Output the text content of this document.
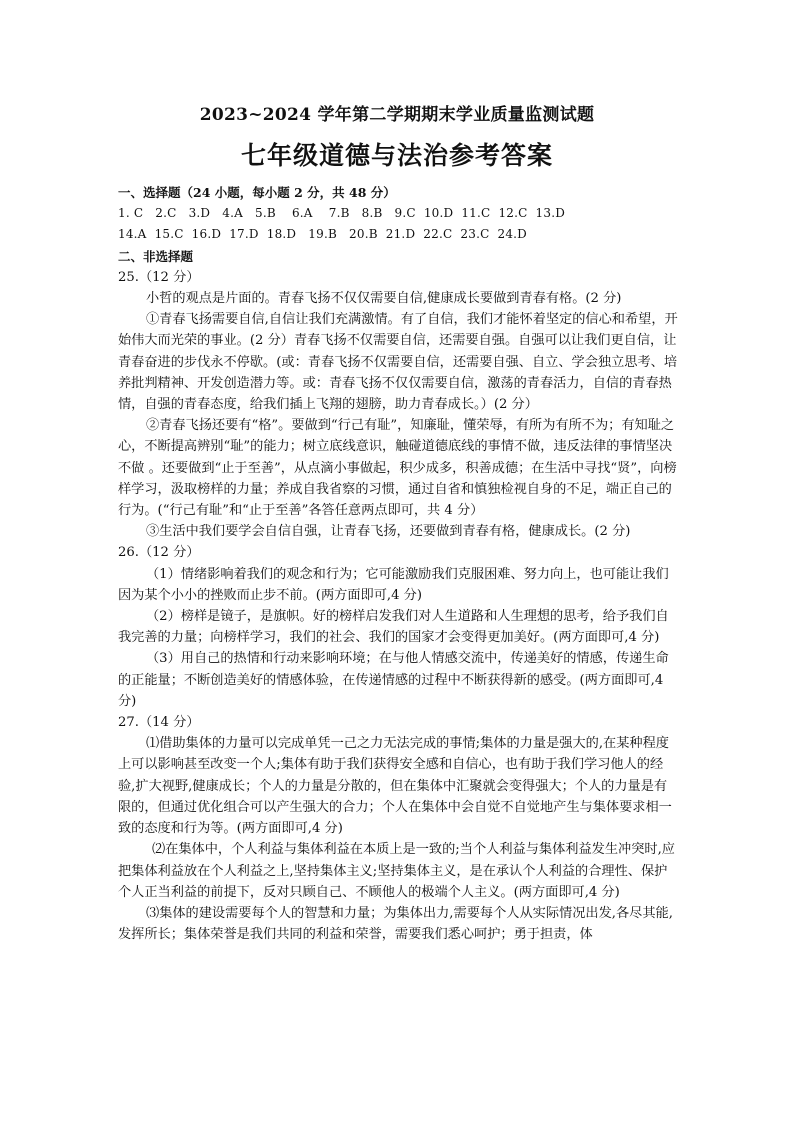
2023~2024 学年第二学期期末学业质量监测试题
七年级道德与法治参考答案

一、选择题（24 小题，每小题 2 分，共 48 分）

1. C   2.C   3.D   4.A   5.B    6.A    7.B   8.B   9.C  10.D  11.C  12.C  13.D

14.A  15.C  16.D  17.D  18.D   19.B   20.B  21.D  22.C  23.C  24.D

二、非选择题

25.（12 分）

小哲的观点是片面的。青春飞扬不仅仅需要自信,健康成长要做到青春有格。(2 分)

①青春飞扬需要自信,自信让我们充满激情。有了自信，我们才能怀着坚定的信心和希望，开始伟大而光荣的事业。(2 分）青春飞扬不仅需要自信，还需要自强。自强可以让我们更自信，让青春奋进的步伐永不停歇。(或：青春飞扬不仅需要自信，还需要自强、自立、学会独立思考、培养批判精神、开发创造潜力等。或：青春飞扬不仅仅需要自信，激荡的青春活力，自信的青春热情，自强的青春态度，给我们插上飞翔的翅膀，助力青春成长。）(2 分）

②青春飞扬还要有“格”。要做到“行己有耻”，知廉耻，懂荣辱，有所为有所不为；有知耻之心，不断提高辨别“耻”的能力；树立底线意识，触碰道德底线的事情不做，违反法律的事情坚决不做 。还要做到“止于至善”，从点滴小事做起，积少成多，积善成德；在生活中寻找“贤”，向榜样学习，汲取榜样的力量；养成自我省察的习惯，通过自省和慎独检视自身的不足，端正自己的行为。(“行己有耻”和“止于至善”各答任意两点即可，共 4 分）

③生活中我们要学会自信自强，让青春飞扬，还要做到青春有格，健康成长。(2 分)

26.（12 分）

（1）情绪影响着我们的观念和行为；它可能激励我们克服困难、努力向上，也可能让我们因为某个小小的挫败而止步不前。(两方面即可,4 分)

（2）榜样是镜子，是旗帜。好的榜样启发我们对人生道路和人生理想的思考，给予我们自我完善的力量；向榜样学习，我们的社会、我们的国家才会变得更加美好。(两方面即可,4 分)

（3）用自己的热情和行动来影响环境；在与他人情感交流中，传递美好的情感，传递生命的正能量；不断创造美好的情感体验，在传递情感的过程中不断获得新的感受。(两方面即可,4 分)

27.（14 分）

⑴借助集体的力量可以完成单凭一己之力无法完成的事情;集体的力量是强大的,在某种程度上可以影响甚至改变一个人;集体有助于我们获得安全感和自信心，也有助于我们学习他人的经验,扩大视野,健康成长；个人的力量是分散的，但在集体中汇聚就会变得强大；个人的力量是有限的，但通过优化组合可以产生强大的合力；个人在集体中会自觉不自觉地产生与集体要求相一致的态度和行为等。(两方面即可,4 分)

⑵在集体中，个人利益与集体利益在本质上是一致的;当个人利益与集体利益发生冲突时,应把集体利益放在个人利益之上,坚持集体主义;坚持集体主义，是在承认个人利益的合理性、保护个人正当利益的前提下，反对只顾自己、不顾他人的极端个人主义。(两方面即可,4 分)

⑶集体的建设需要每个人的智慧和力量；为集体出力,需要每个人从实际情况出发,各尽其能,发挥所长；集体荣誉是我们共同的利益和荣誉，需要我们悉心呵护；勇于担责，体
